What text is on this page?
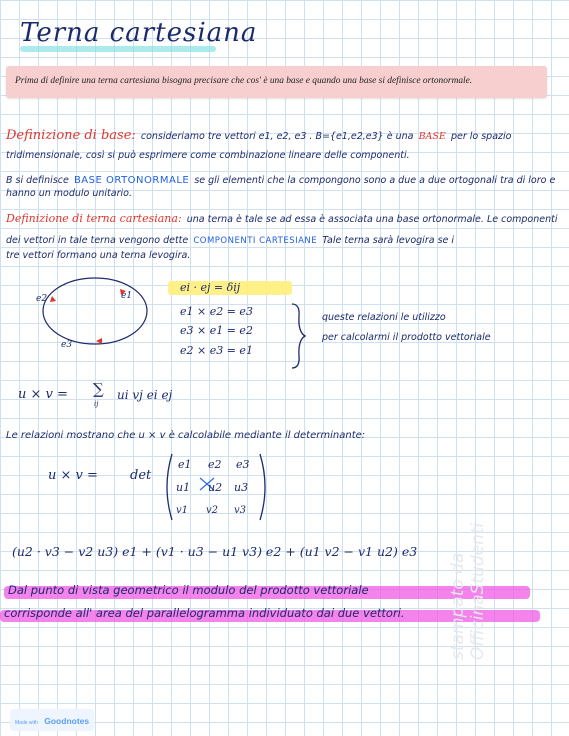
Terna cartesiana
Prima di definire una terna cartesiana bisogna precisare che cos' è una base e quando una base si definisce ortonormale.
Definizione di base: consideriamo tre vettori e1, e2, e3 . B={e1,e2,e3} è una BASE per lo spazio
tridimensionale, così si può esprimere come combinazione lineare delle componenti.
B si definisce BASE ORTONORMALE se gli elementi che la compongono sono a due a due ortogonali tra di loro e
hanno un modulo unitario.
Definizione di terna cartesiana: una terna è tale se ad essa è associata una base ortonormale. Le componenti
dei vettori in tale terna vengono dette COMPONENTI CARTESIANE Tale terna sarà levogira se i
tre vettori formano una terna levogira.
e2	e1
e3
ei · ej = δij
e1 × e2 = e3
e3 × e1 = e2
e2 × e3 = e1
queste relazioni le utilizzo
per calcolarmi il prodotto vettoriale
u × v = ∑
ij
ui vj ei ej
Le relazioni mostrano che u × v è calcolabile mediante il determinante:
u × v = det
e1 e2 e3
u1 u2 u3
v1 v2 v3
(u2 · v3 − v2 u3) e1 + (v1 · u3 − u1 v3) e2 + (u1 v2 − v1 u2) e3
Dal punto di vista geometrico il modulo del prodotto vettoriale
corrisponde all' area del parallelogramma individuato dai due vettori.	stampato da OfficinaStudenti
Made with Goodnotes
